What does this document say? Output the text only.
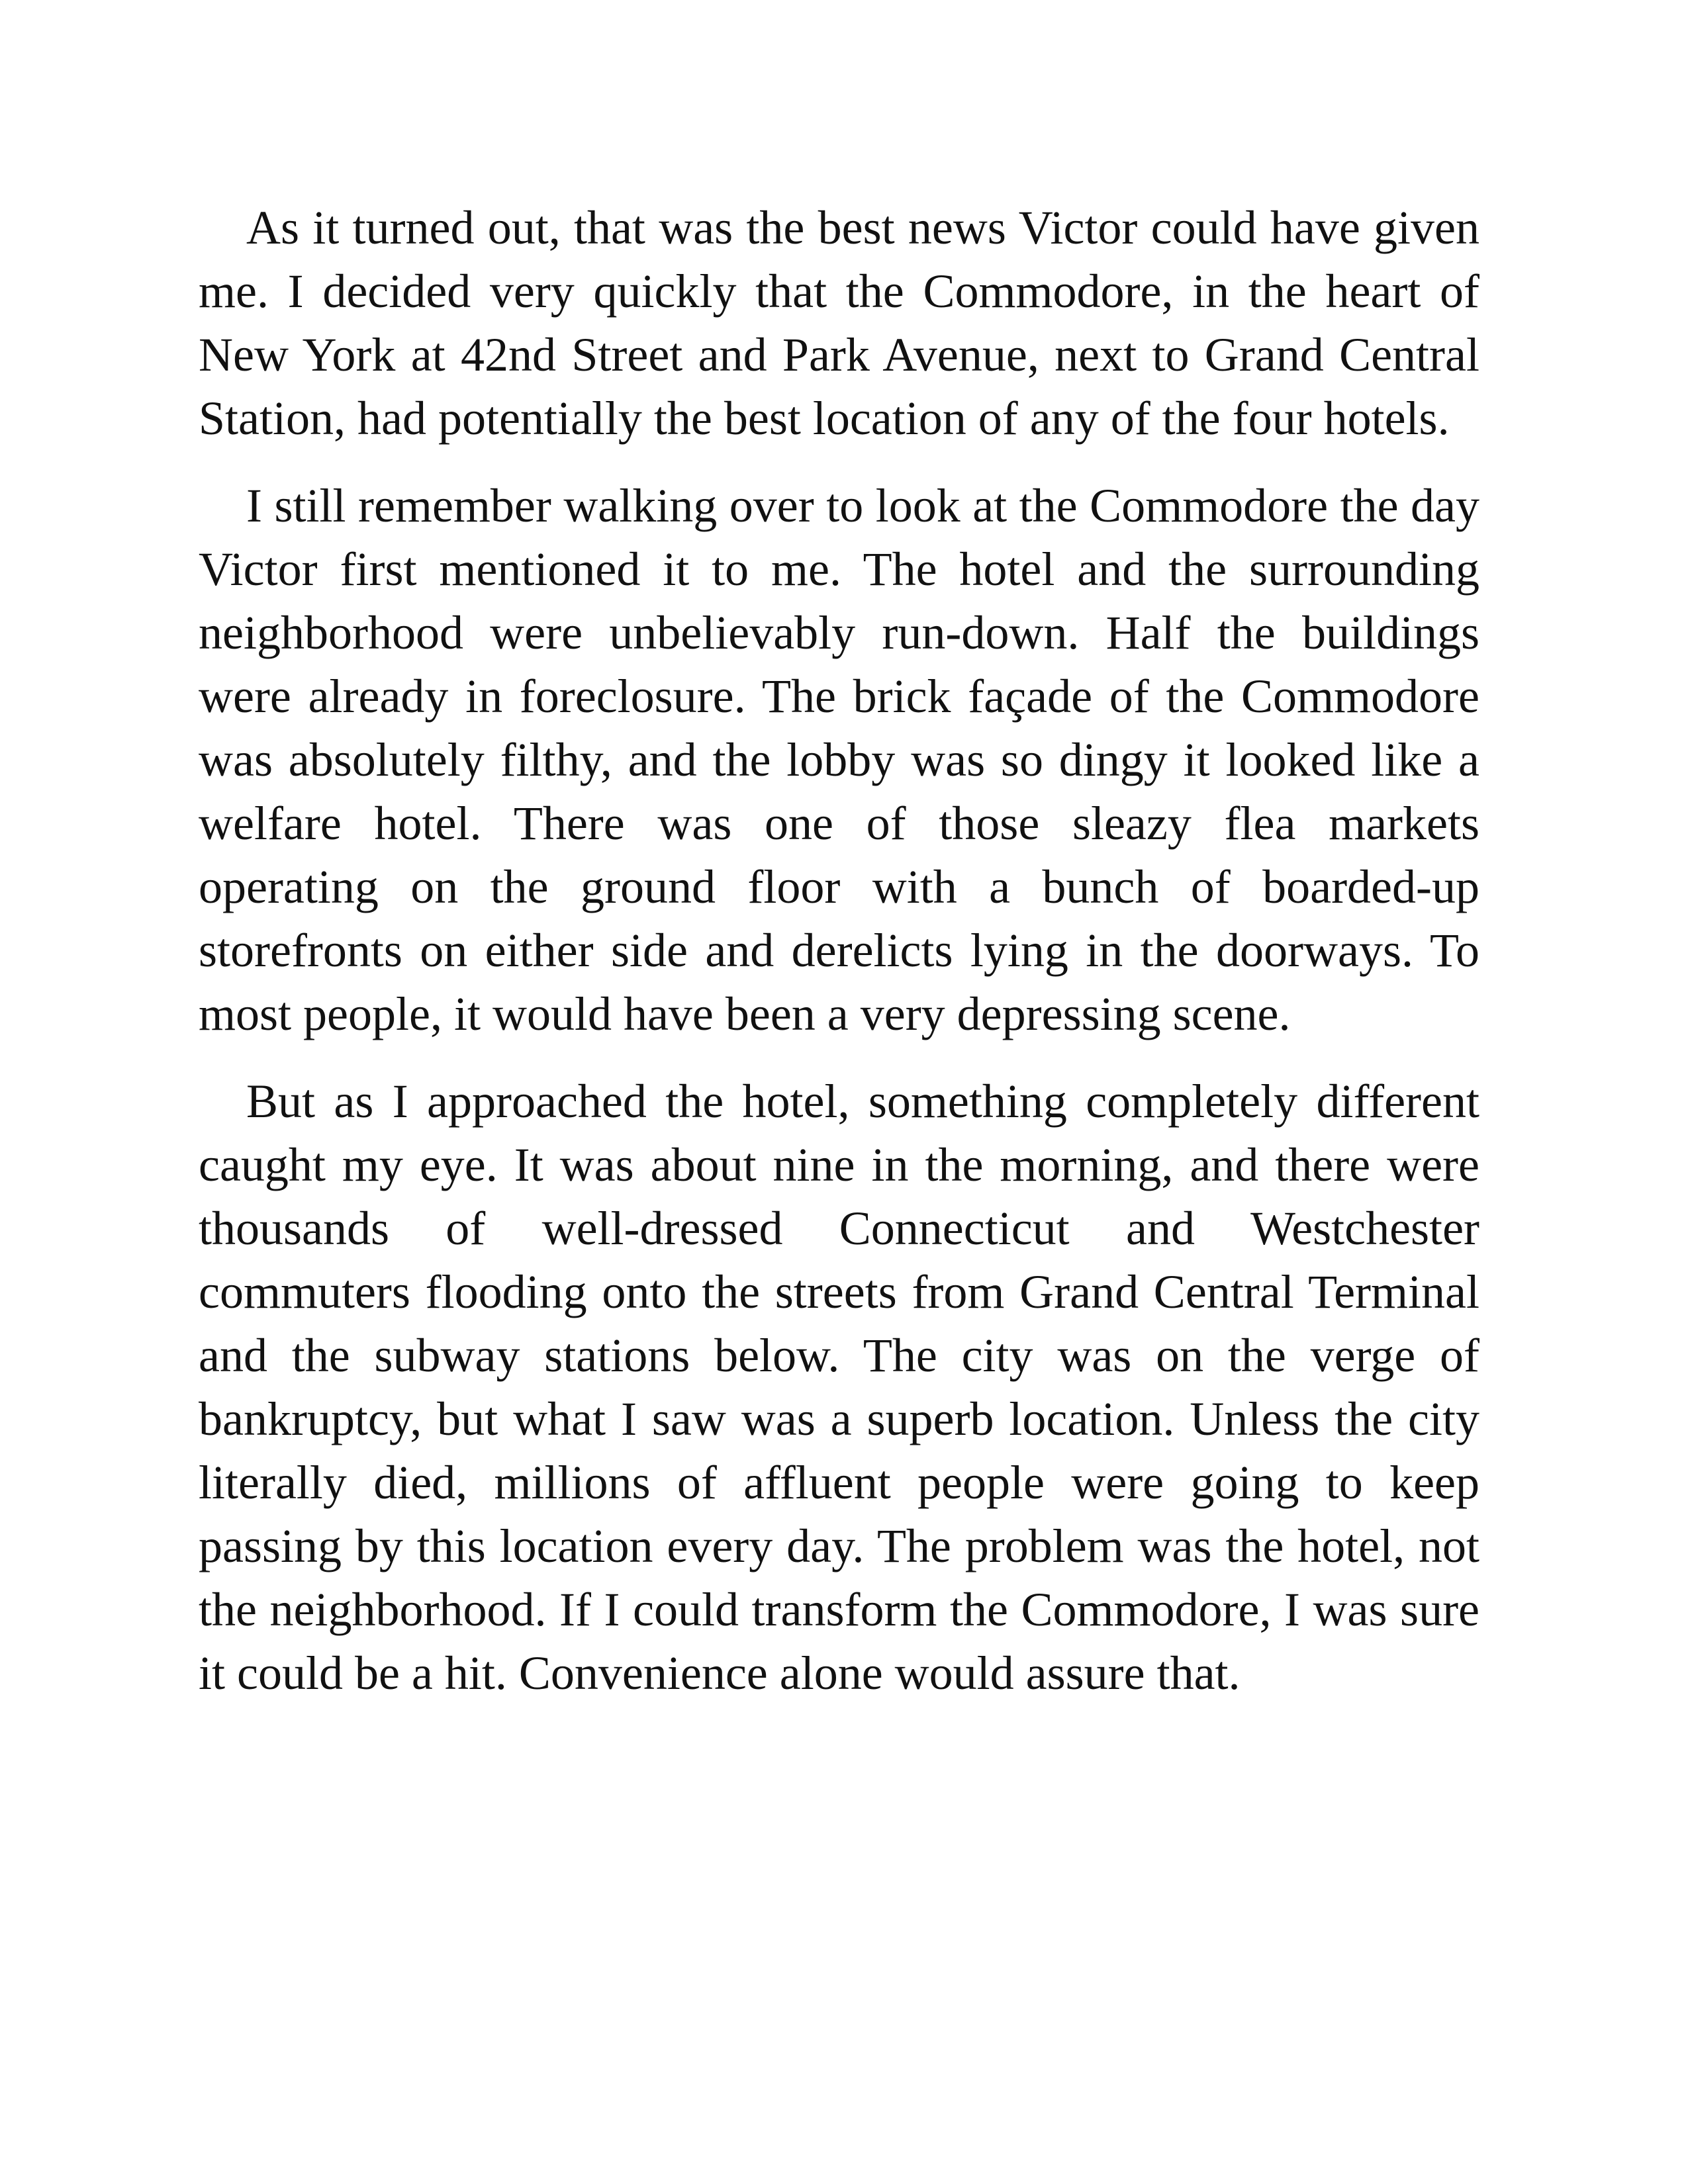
As it turned out, that was the best news Victor could have given me. I decided very quickly that the Commodore, in the heart of New York at 42nd Street and Park Avenue, next to Grand Central Station, had potentially the best location of any of the four hotels.

I still remember walking over to look at the Commodore the day Victor first mentioned it to me. The hotel and the surrounding neighborhood were unbelievably run-down. Half the buildings were already in foreclosure. The brick façade of the Commodore was absolutely filthy, and the lobby was so dingy it looked like a welfare hotel. There was one of those sleazy flea markets operating on the ground floor with a bunch of boarded-up storefronts on either side and derelicts lying in the doorways. To most people, it would have been a very depressing scene.

But as I approached the hotel, something completely different caught my eye. It was about nine in the morning, and there were thousands of well-dressed Connecticut and Westchester commuters flooding onto the streets from Grand Central Terminal and the subway stations below. The city was on the verge of bankruptcy, but what I saw was a superb location. Unless the city literally died, millions of affluent people were going to keep passing by this location every day. The problem was the hotel, not the neighborhood. If I could transform the Commodore, I was sure it could be a hit. Convenience alone would assure that.
